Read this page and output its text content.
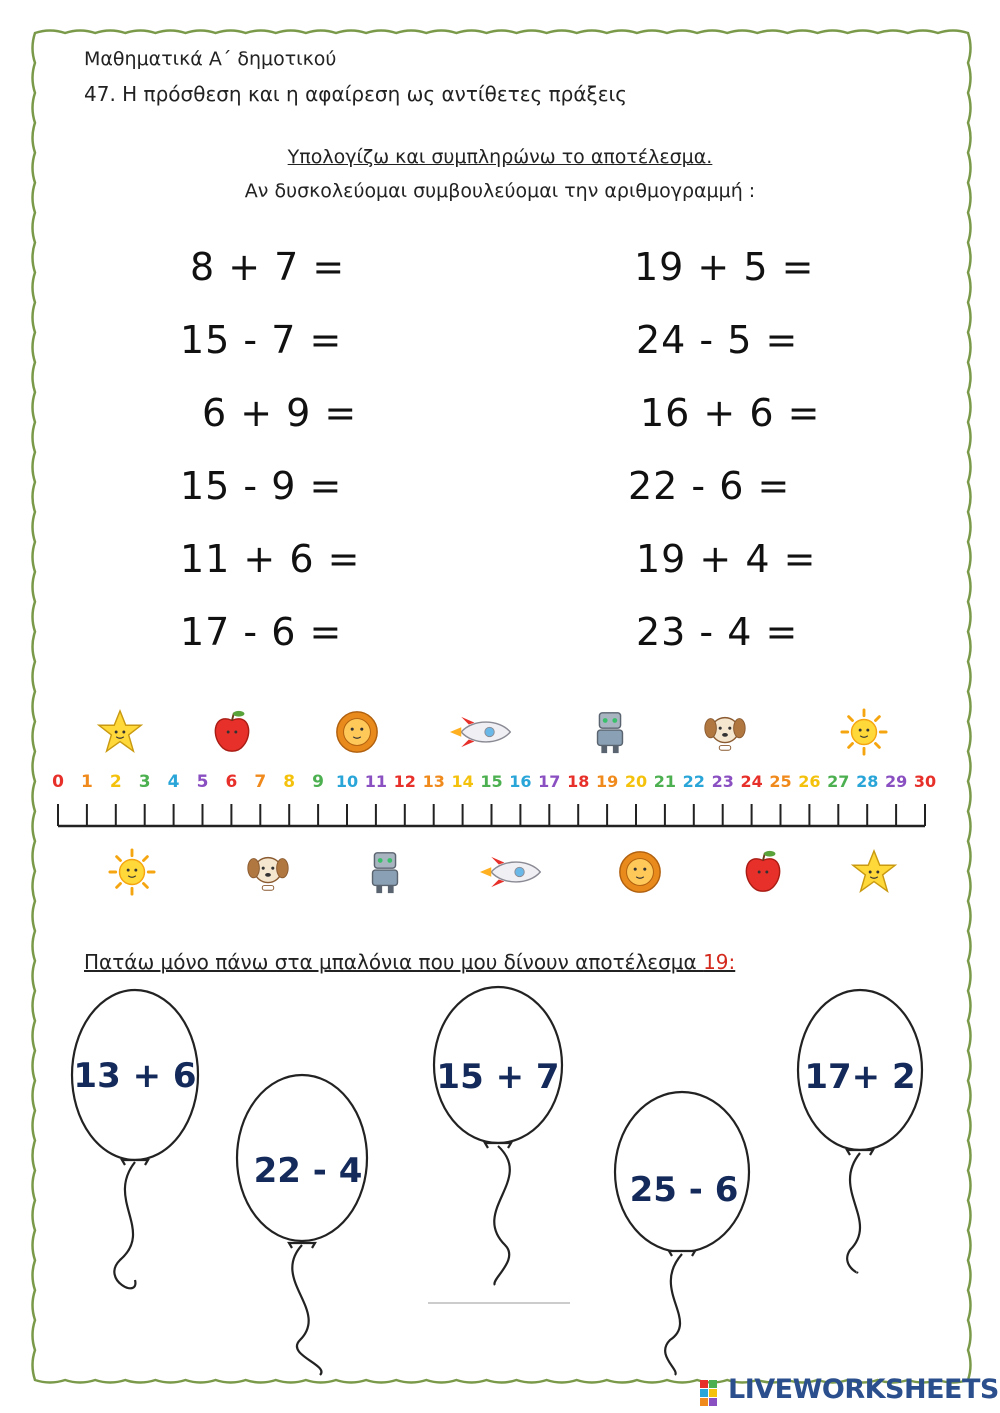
Μαθηματικά Α΄ δημοτικού
47. Η πρόσθεση και η αφαίρεση ως αντίθετες πράξεις
Υπολογίζω και συμπληρώνω το αποτέλεσμα.
Αν δυσκολεύομαι συμβουλεύομαι την αριθμογραμμή :
8 + 7 =
15 - 7 =
6 + 9 =
15 - 9 =
11 + 6 =
17 - 6 =
19 + 5 =
24 - 5 =
16 + 6 =
22 - 6 =
19 + 4 =
23 - 4 =
0 1 2 3 4 5 6 7 8 9 10 11 12 13 14 15 16 17 18 19 20 21 22 23 24 25 26 27 28 29 30
Πατάω μόνο πάνω στα μπαλόνια που μου δίνουν αποτέλεσμα 19:
13 + 6
22 - 4
15 + 7
25 - 6
17+ 2
LIVEWORKSHEETS
